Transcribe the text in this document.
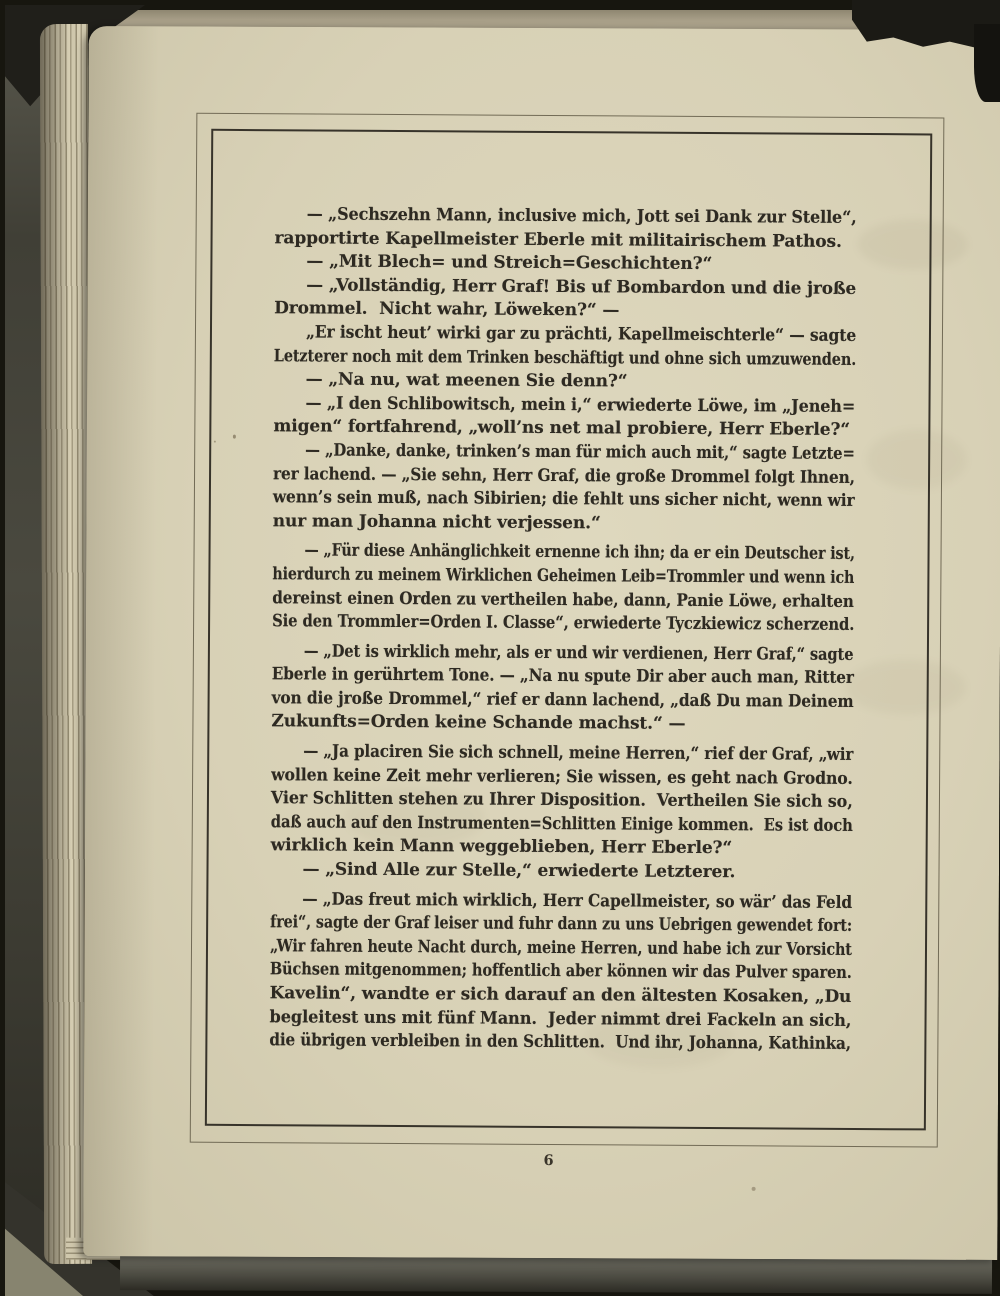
— „Sechszehn Mann, inclusive mich, Jott sei Dank zur Stelle“,
rapportirte Kapellmeister Eberle mit militairischem Pathos.
— „Mit Blech= und Streich=Geschichten?“
— „Vollständig, Herr Graf! Bis uf Bombardon und die jroße
Drommel.  Nicht wahr, Löweken?“ —
„Er ischt heut’ wirki gar zu prächti, Kapellmeischterle“ — sagte
Letzterer noch mit dem Trinken beschäftigt und ohne sich umzuwenden.
— „Na nu, wat meenen Sie denn?“
— „I den Schlibowitsch, mein i,“ erwiederte Löwe, im „Jeneh=
migen“ fortfahrend, „woll’ns net mal probiere, Herr Eberle?“
— „Danke, danke, trinken’s man für mich auch mit,“ sagte Letzte=
rer lachend. — „Sie sehn, Herr Graf, die große Drommel folgt Ihnen,
wenn’s sein muß, nach Sibirien; die fehlt uns sicher nicht, wenn wir
nur man Johanna nicht verjessen.“
— „Für diese Anhänglichkeit ernenne ich ihn; da er ein Deutscher ist,
hierdurch zu meinem Wirklichen Geheimen Leib=Trommler und wenn ich
dereinst einen Orden zu vertheilen habe, dann, Panie Löwe, erhalten
Sie den Trommler=Orden I. Classe“, erwiederte Tyczkiewicz scherzend.
— „Det is wirklich mehr, als er und wir verdienen, Herr Graf,“ sagte
Eberle in gerührtem Tone. — „Na nu spute Dir aber auch man, Ritter
von die jroße Drommel,“ rief er dann lachend, „daß Du man Deinem
Zukunfts=Orden keine Schande machst.“ —
— „Ja placiren Sie sich schnell, meine Herren,“ rief der Graf, „wir
wollen keine Zeit mehr verlieren; Sie wissen, es geht nach Grodno.
Vier Schlitten stehen zu Ihrer Disposition.  Vertheilen Sie sich so,
daß auch auf den Instrumenten=Schlitten Einige kommen.  Es ist doch
wirklich kein Mann weggeblieben, Herr Eberle?“
— „Sind Alle zur Stelle,“ erwiederte Letzterer.
— „Das freut mich wirklich, Herr Capellmeister, so wär’ das Feld
frei“, sagte der Graf leiser und fuhr dann zu uns Uebrigen gewendet fort:
„Wir fahren heute Nacht durch, meine Herren, und habe ich zur Vorsicht
Büchsen mitgenommen; hoffentlich aber können wir das Pulver sparen.
Kavelin“, wandte er sich darauf an den ältesten Kosaken, „Du
begleitest uns mit fünf Mann.  Jeder nimmt drei Fackeln an sich,
die übrigen verbleiben in den Schlitten.  Und ihr, Johanna, Kathinka,
6
